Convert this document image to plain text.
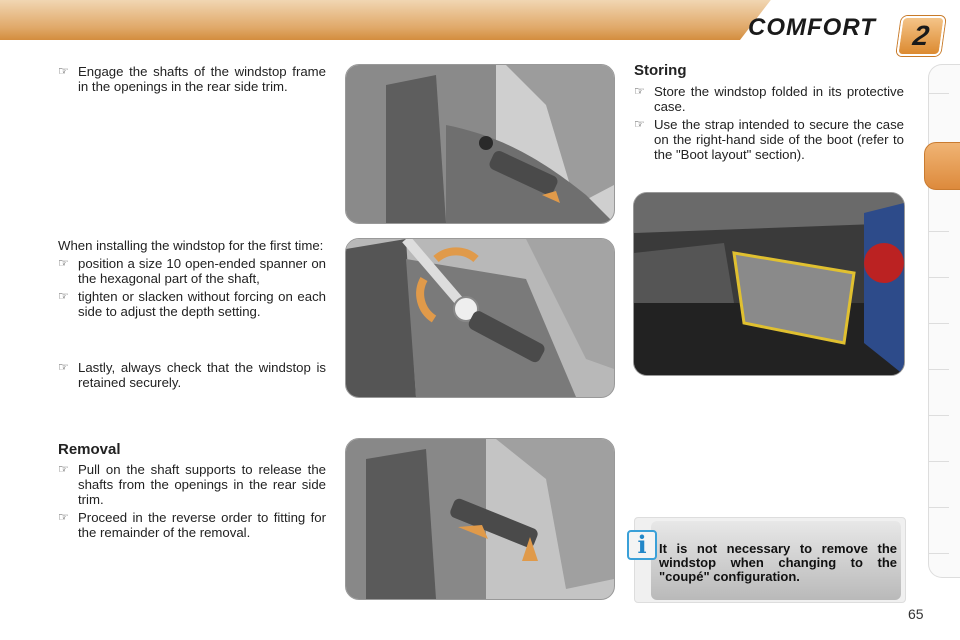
COMFORT	2
☞ Engage the shafts of the windstop frame in the openings in the rear side trim.

When installing the windstop for the first time:

☞ position a size 10 open-ended spanner on the hexagonal part of the shaft,
☞ tighten or slacken without forcing on each side to adjust the depth setting.
☞ Lastly, always check that the windstop is retained securely.
Removal
☞ Pull on the shaft supports to release the shafts from the openings in the rear side trim.
☞ Proceed in the reverse order to fitting for the remainder of the removal.
Storing
☞ Store the windstop folded in its protective case.
☞ Use the strap intended to secure the case on the right-hand side of the boot (refer to the "Boot layout" section).
i It is not necessary to remove the windstop when changing to the "coupé" configuration.
65
